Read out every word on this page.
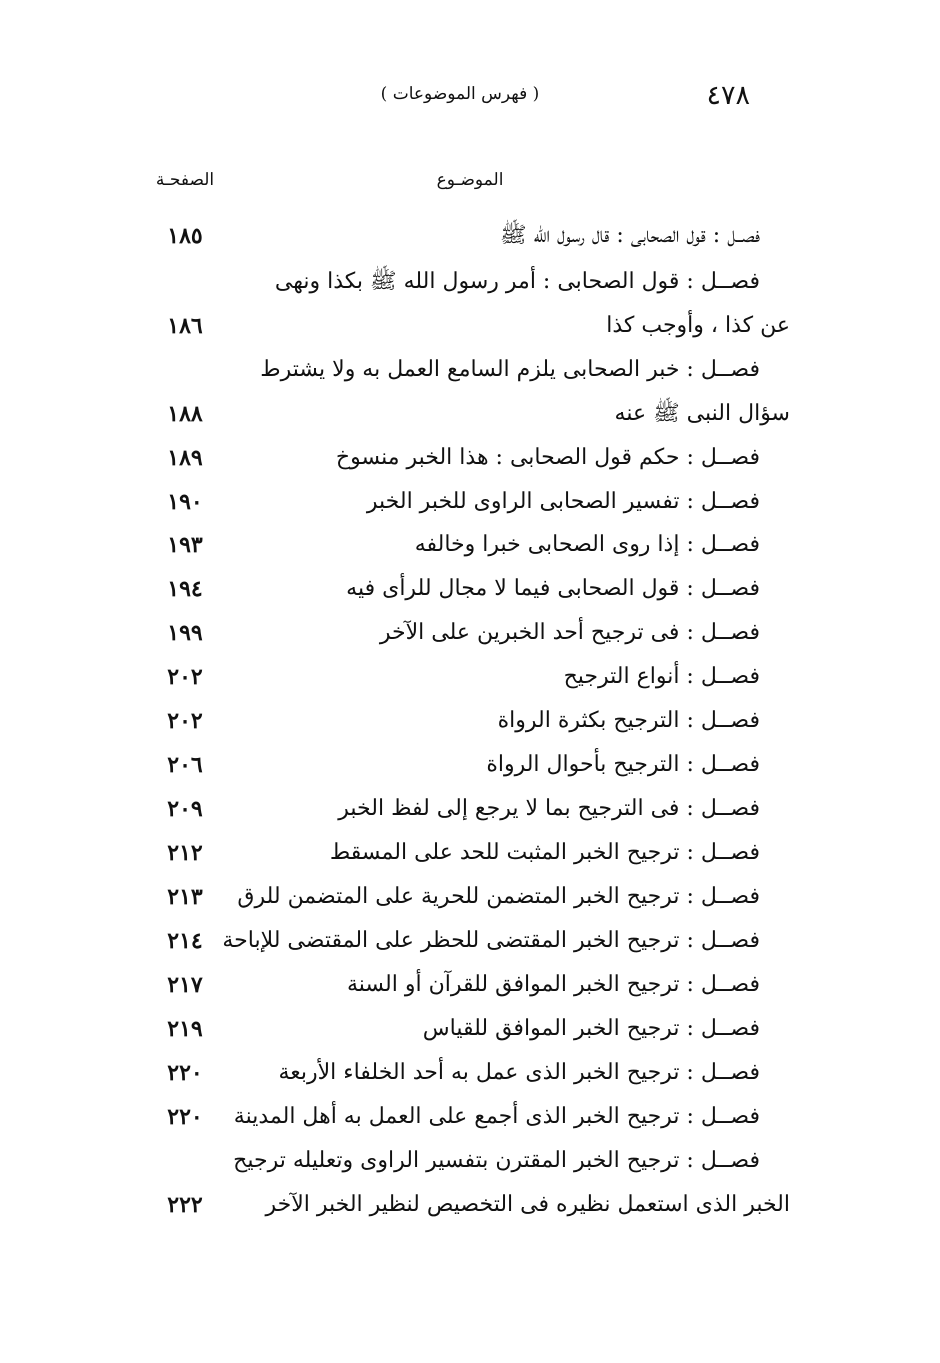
٤٧٨
( فهرس الموضوعات )
الموضـوع
الصفحـة
فصــل : قول الصحابى : قال رسول الله ﷺ
١٨٥
فصــل : قول الصحابى : أمر رسول الله ﷺ بكذا ونهى
عن كذا ، وأوجب كذا
١٨٦
فصــل : خبر الصحابى يلزم السامع العمل به ولا يشترط
سؤال النبى ﷺ عنه
١٨٨
فصــل : حكم قول الصحابى : هذا الخبر منسوخ
١٨٩
فصــل : تفسير الصحابى الراوى للخبر الخبر
١٩٠
فصــل : إذا روى الصحابى خبرا وخالفه
١٩٣
فصــل : قول الصحابى فيما لا مجال للرأى فيه
١٩٤
فصــل : فى ترجيح أحد الخبرين على الآخر
١٩٩
فصــل : أنواع الترجيح
٢٠٢
فصــل : الترجيح بكثرة الرواة
٢٠٢
فصــل : الترجيح بأحوال الرواة
٢٠٦
فصــل : فى الترجيح بما لا يرجع إلى لفظ الخبر
٢٠٩
فصــل : ترجيح الخبر المثبت للحد على المسقط
٢١٢
فصــل : ترجيح الخبر المتضمن للحرية على المتضمن للرق
٢١٣
فصــل : ترجيح الخبر المقتضى للحظر على المقتضى للإباحة
٢١٤
فصــل : ترجيح الخبر الموافق للقرآن أو السنة
٢١٧
فصــل : ترجيح الخبر الموافق للقياس
٢١٩
فصــل : ترجيح الخبر الذى عمل به أحد الخلفاء الأربعة
٢٢٠
فصــل : ترجيح الخبر الذى أجمع على العمل به أهل المدينة
٢٢٠
فصــل : ترجيح الخبر المقترن بتفسير الراوى وتعليله ترجيح
الخبر الذى استعمل نظيره فى التخصيص لنظير الخبر الآخر
٢٢٢
